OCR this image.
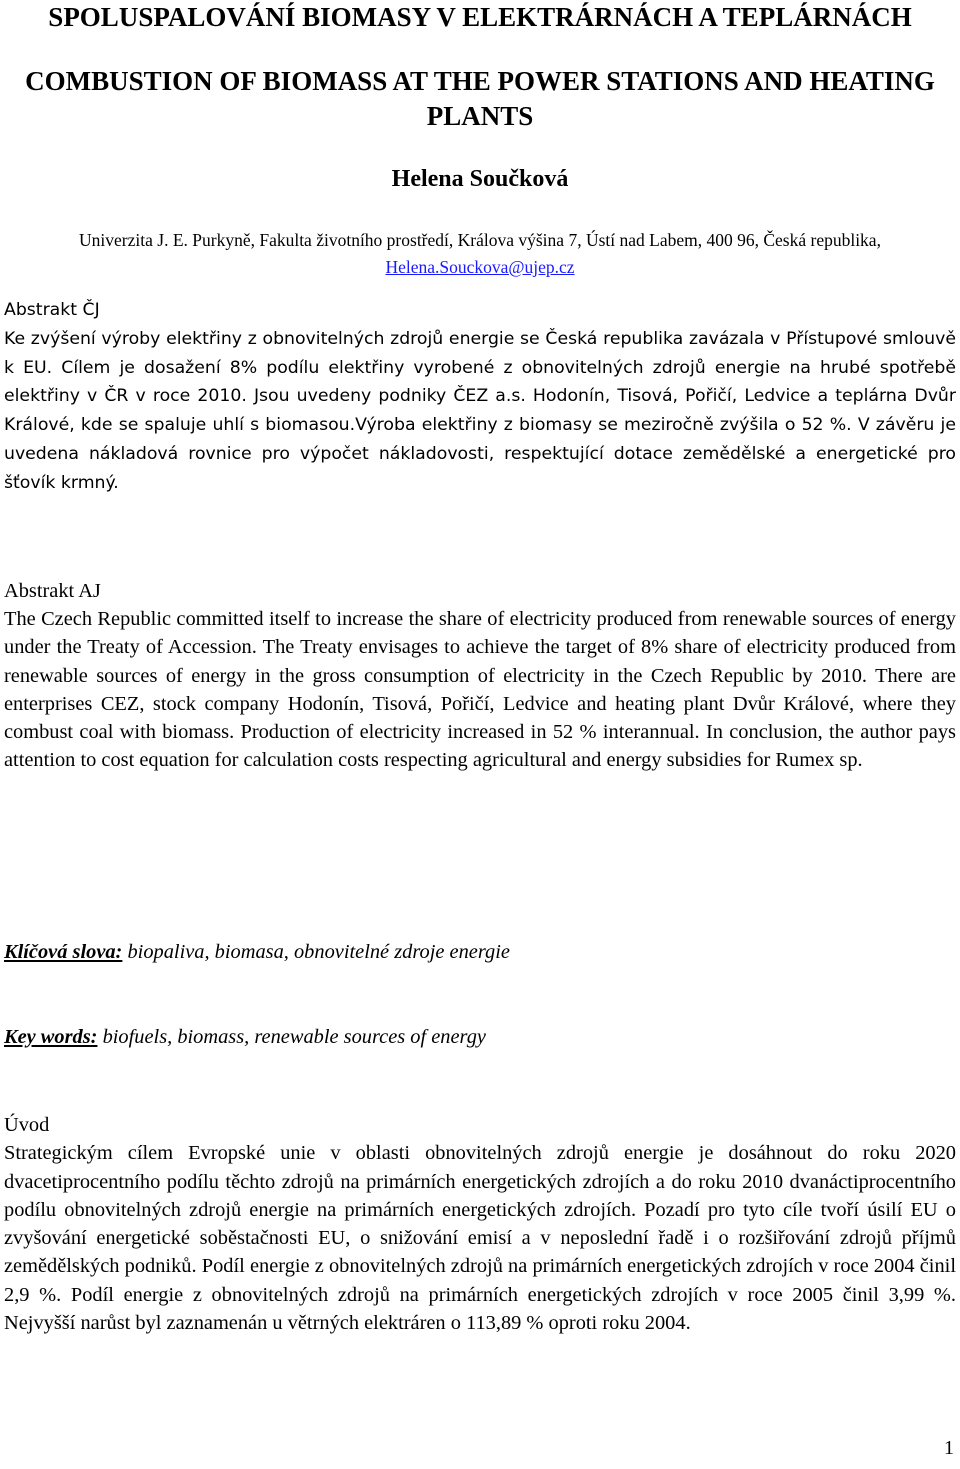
SPOLUSPALOVÁNÍ BIOMASY V ELEKTRÁRNÁCH A TEPLÁRNÁCH
COMBUSTION OF BIOMASS AT THE POWER STATIONS AND HEATING PLANTS
Helena Součková
Univerzita J. E. Purkyně, Fakulta životního prostředí, Králova výšina 7, Ústí nad Labem, 400 96, Česká republika,
Helena.Souckova@ujep.cz
Abstrakt ČJ
Ke zvýšení výroby elektřiny z obnovitelných zdrojů energie se Česká republika zavázala v Přístupové smlouvě k EU. Cílem je dosažení 8% podílu elektřiny vyrobené z obnovitelných zdrojů energie na hrubé spotřebě elektřiny v ČR v roce 2010. Jsou uvedeny podniky ČEZ a.s. Hodonín, Tisová, Pořičí, Ledvice a teplárna Dvůr Králové, kde se spaluje uhlí s biomasou.Výroba elektřiny z biomasy se meziročně zvýšila o 52 %. V závěru je uvedena nákladová rovnice pro výpočet nákladovosti, respektující dotace zemědělské a energetické pro šťovík krmný.
Abstrakt AJ
The Czech Republic committed itself to increase the share of electricity produced from renewable sources of energy under the Treaty of Accession. The Treaty envisages to achieve the target of 8% share of electricity produced from renewable sources of energy in the gross consumption of electricity in the Czech Republic by 2010. There are enterprises CEZ, stock company Hodonín, Tisová, Pořičí, Ledvice and heating plant Dvůr Králové, where they combust coal with biomass. Production of electricity increased in 52 % interannual. In conclusion, the author pays attention to cost equation for calculation costs respecting agricultural and energy subsidies for Rumex sp.
Klíčová slova: biopaliva, biomasa, obnovitelné zdroje energie
Key words: biofuels, biomass, renewable sources of energy
Úvod
Strategickým cílem Evropské unie v oblasti obnovitelných zdrojů energie je dosáhnout do roku 2020 dvacetiprocentního podílu těchto zdrojů na primárních energetických zdrojích a do roku 2010 dvanáctiprocentního podílu obnovitelných zdrojů energie na primárních energetických zdrojích. Pozadí pro tyto cíle tvoří úsilí EU o zvyšování energetické soběstačnosti EU, o snižování emisí a v neposlední řadě i o rozšiřování zdrojů příjmů zemědělských podniků. Podíl energie z obnovitelných zdrojů na primárních energetických zdrojích v roce 2004 činil 2,9 %. Podíl energie z obnovitelných zdrojů na primárních energetických zdrojích v roce 2005 činil 3,99 %. Nejvyšší narůst byl zaznamenán u větrných elektráren o 113,89 % oproti roku 2004.
1
